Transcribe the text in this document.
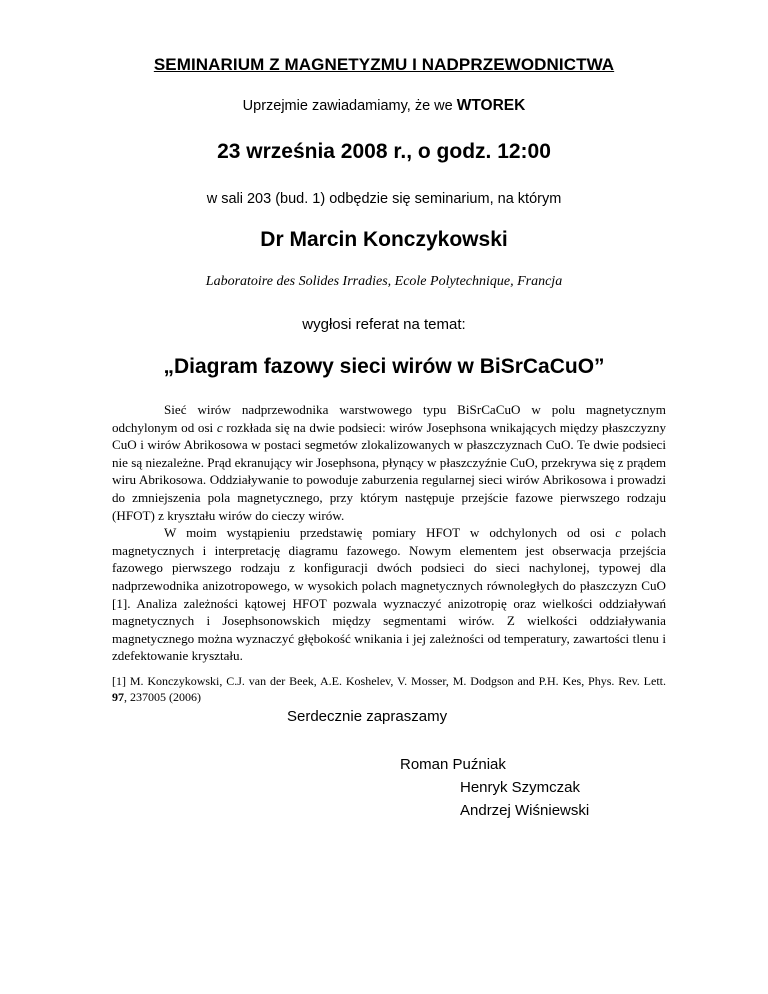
SEMINARIUM Z MAGNETYZMU I NADPRZEWODNICTWA
Uprzejmie zawiadamiamy, że we WTOREK
23 września 2008 r., o godz. 12:00
w sali 203 (bud. 1) odbędzie się seminarium, na którym
Dr Marcin Konczykowski
Laboratoire des Solides Irradies, Ecole Polytechnique, Francja
wygłosi referat na temat:
„Diagram fazowy sieci wirów w BiSrCaCuO”

Sieć wirów nadprzewodnika warstwowego typu BiSrCaCuO w polu magnetycznym odchylonym od osi c rozkłada się na dwie podsieci: wirów Josephsona wnikających między płaszczyzny CuO i wirów Abrikosowa w postaci segmetów zlokalizowanych w płaszczyznach CuO. Te dwie podsieci nie są niezależne. Prąd ekranujący wir Josephsona, płynący w płaszczyźnie CuO, przekrywa się z prądem wiru Abrikosowa. Oddziaływanie to powoduje zaburzenia regularnej sieci wirów Abrikosowa i prowadzi do zmniejszenia pola magnetycznego, przy którym następuje przejście fazowe pierwszego rodzaju (HFOT) z kryształu wirów do cieczy wirów.

W moim wystąpieniu przedstawię pomiary HFOT w odchylonych od osi c polach magnetycznych i interpretację diagramu fazowego. Nowym elementem jest obserwacja przejścia fazowego pierwszego rodzaju z konfiguracji dwóch podsieci do sieci nachylonej, typowej dla nadprzewodnika anizotropowego, w wysokich polach magnetycznych równoległych do płaszczyzn CuO [1]. Analiza zależności kątowej HFOT pozwala wyznaczyć anizotropię oraz wielkości oddziaływań magnetycznych i Josephsonowskich między segmentami wirów. Z wielkości oddziaływania magnetycznego można wyznaczyć głębokość wnikania i jej zależności od temperatury, zawartości tlenu i zdefektowanie kryształu.

[1] M. Konczykowski, C.J. van der Beek, A.E. Koshelev, V. Mosser, M. Dodgson and P.H. Kes, Phys. Rev. Lett. 97, 237005 (2006)

Serdecznie zapraszamy
Roman Puźniak
Henryk Szymczak
Andrzej Wiśniewski
